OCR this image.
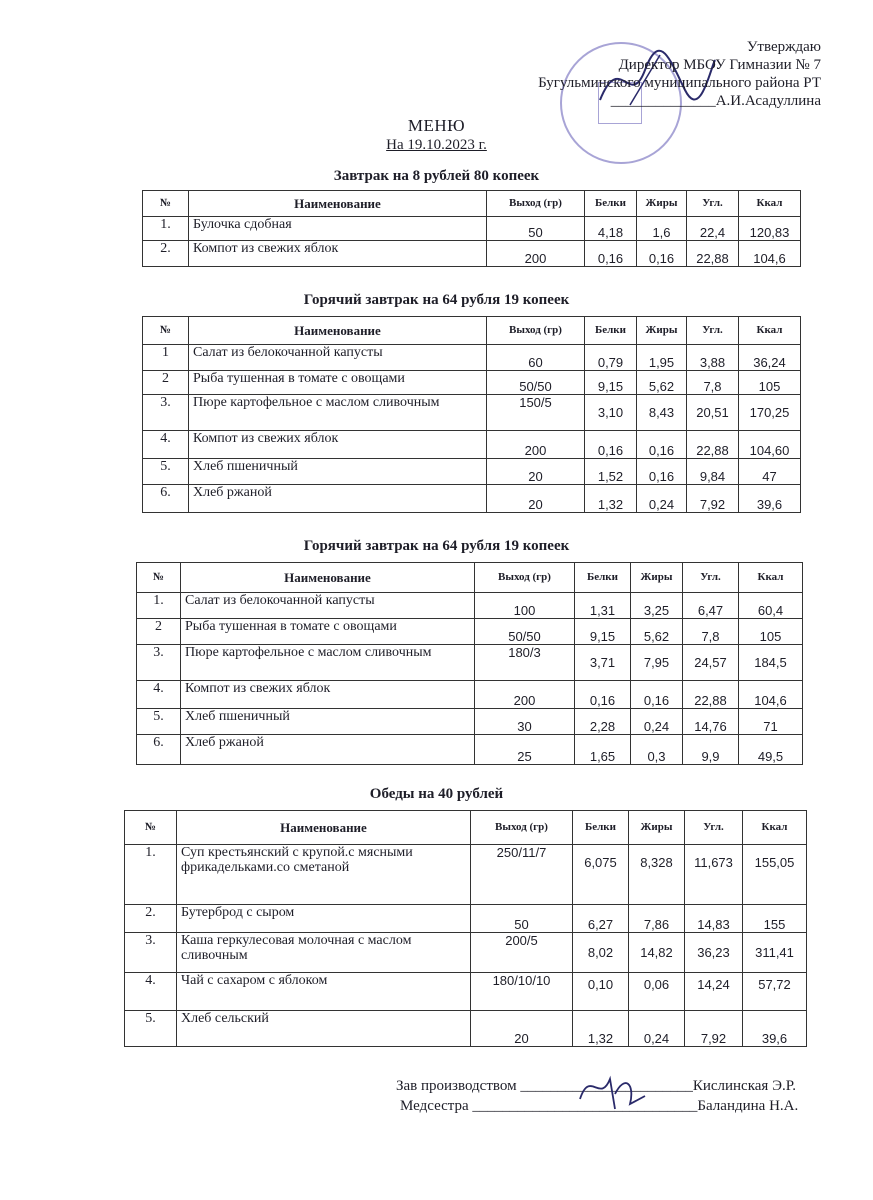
Утверждаю
Директор МБОУ Гимназии № 7
Бугульминского муниципального района РТ
______________А.И.Асадуллина
МЕНЮ
На 19.10.2023 г.
Завтрак на 8 рублей 80 копеек
№	Наименование	Выход (гр)	Белки	Жиры	Угл.	Ккал
1.	Булочка сдобная	50	4,18	1,6	22,4	120,83
2.	Компот из свежих яблок	200	0,16	0,16	22,88	104,6
Горячий завтрак на 64 рубля 19 копеек
№	Наименование	Выход (гр)	Белки	Жиры	Угл.	Ккал
1	Салат из белокочанной капусты	60	0,79	1,95	3,88	36,24
2	Рыба тушенная в томате с овощами	50/50	9,15	5,62	7,8	105
3.	Пюре картофельное с маслом сливочным	150/5	3,10	8,43	20,51	170,25
4.	Компот из свежих яблок	200	0,16	0,16	22,88	104,60
5.	Хлеб пшеничный	20	1,52	0,16	9,84	47
6.	Хлеб ржаной	20	1,32	0,24	7,92	39,6
Горячий завтрак на 64 рубля 19 копеек
№	Наименование	Выход (гр)	Белки	Жиры	Угл.	Ккал
1.	Салат из белокочанной капусты	100	1,31	3,25	6,47	60,4
2	Рыба тушенная в томате с овощами	50/50	9,15	5,62	7,8	105
3.	Пюре картофельное с маслом сливочным	180/3	3,71	7,95	24,57	184,5
4.	Компот из свежих яблок	200	0,16	0,16	22,88	104,6
5.	Хлеб пшеничный	30	2,28	0,24	14,76	71
6.	Хлеб ржаной	25	1,65	0,3	9,9	49,5
Обеды на 40 рублей
№	Наименование	Выход (гр)	Белки	Жиры	Угл.	Ккал
1.	Суп крестьянский с крупой.с мясными фрикадельками.со сметаной	250/11/7	6,075	8,328	11,673	155,05
2.	Бутерброд с сыром	50	6,27	7,86	14,83	155
3.	Каша геркулесовая молочная с маслом сливочным	200/5	8,02	14,82	36,23	311,41
4.	Чай с сахаром с яблоком	180/10/10	0,10	0,06	14,24	57,72
5.	Хлеб сельский	20	1,32	0,24	7,92	39,6
Зав производством _______________________Кислинская Э.Р.
Медсестра ______________________________Баландина Н.А.
